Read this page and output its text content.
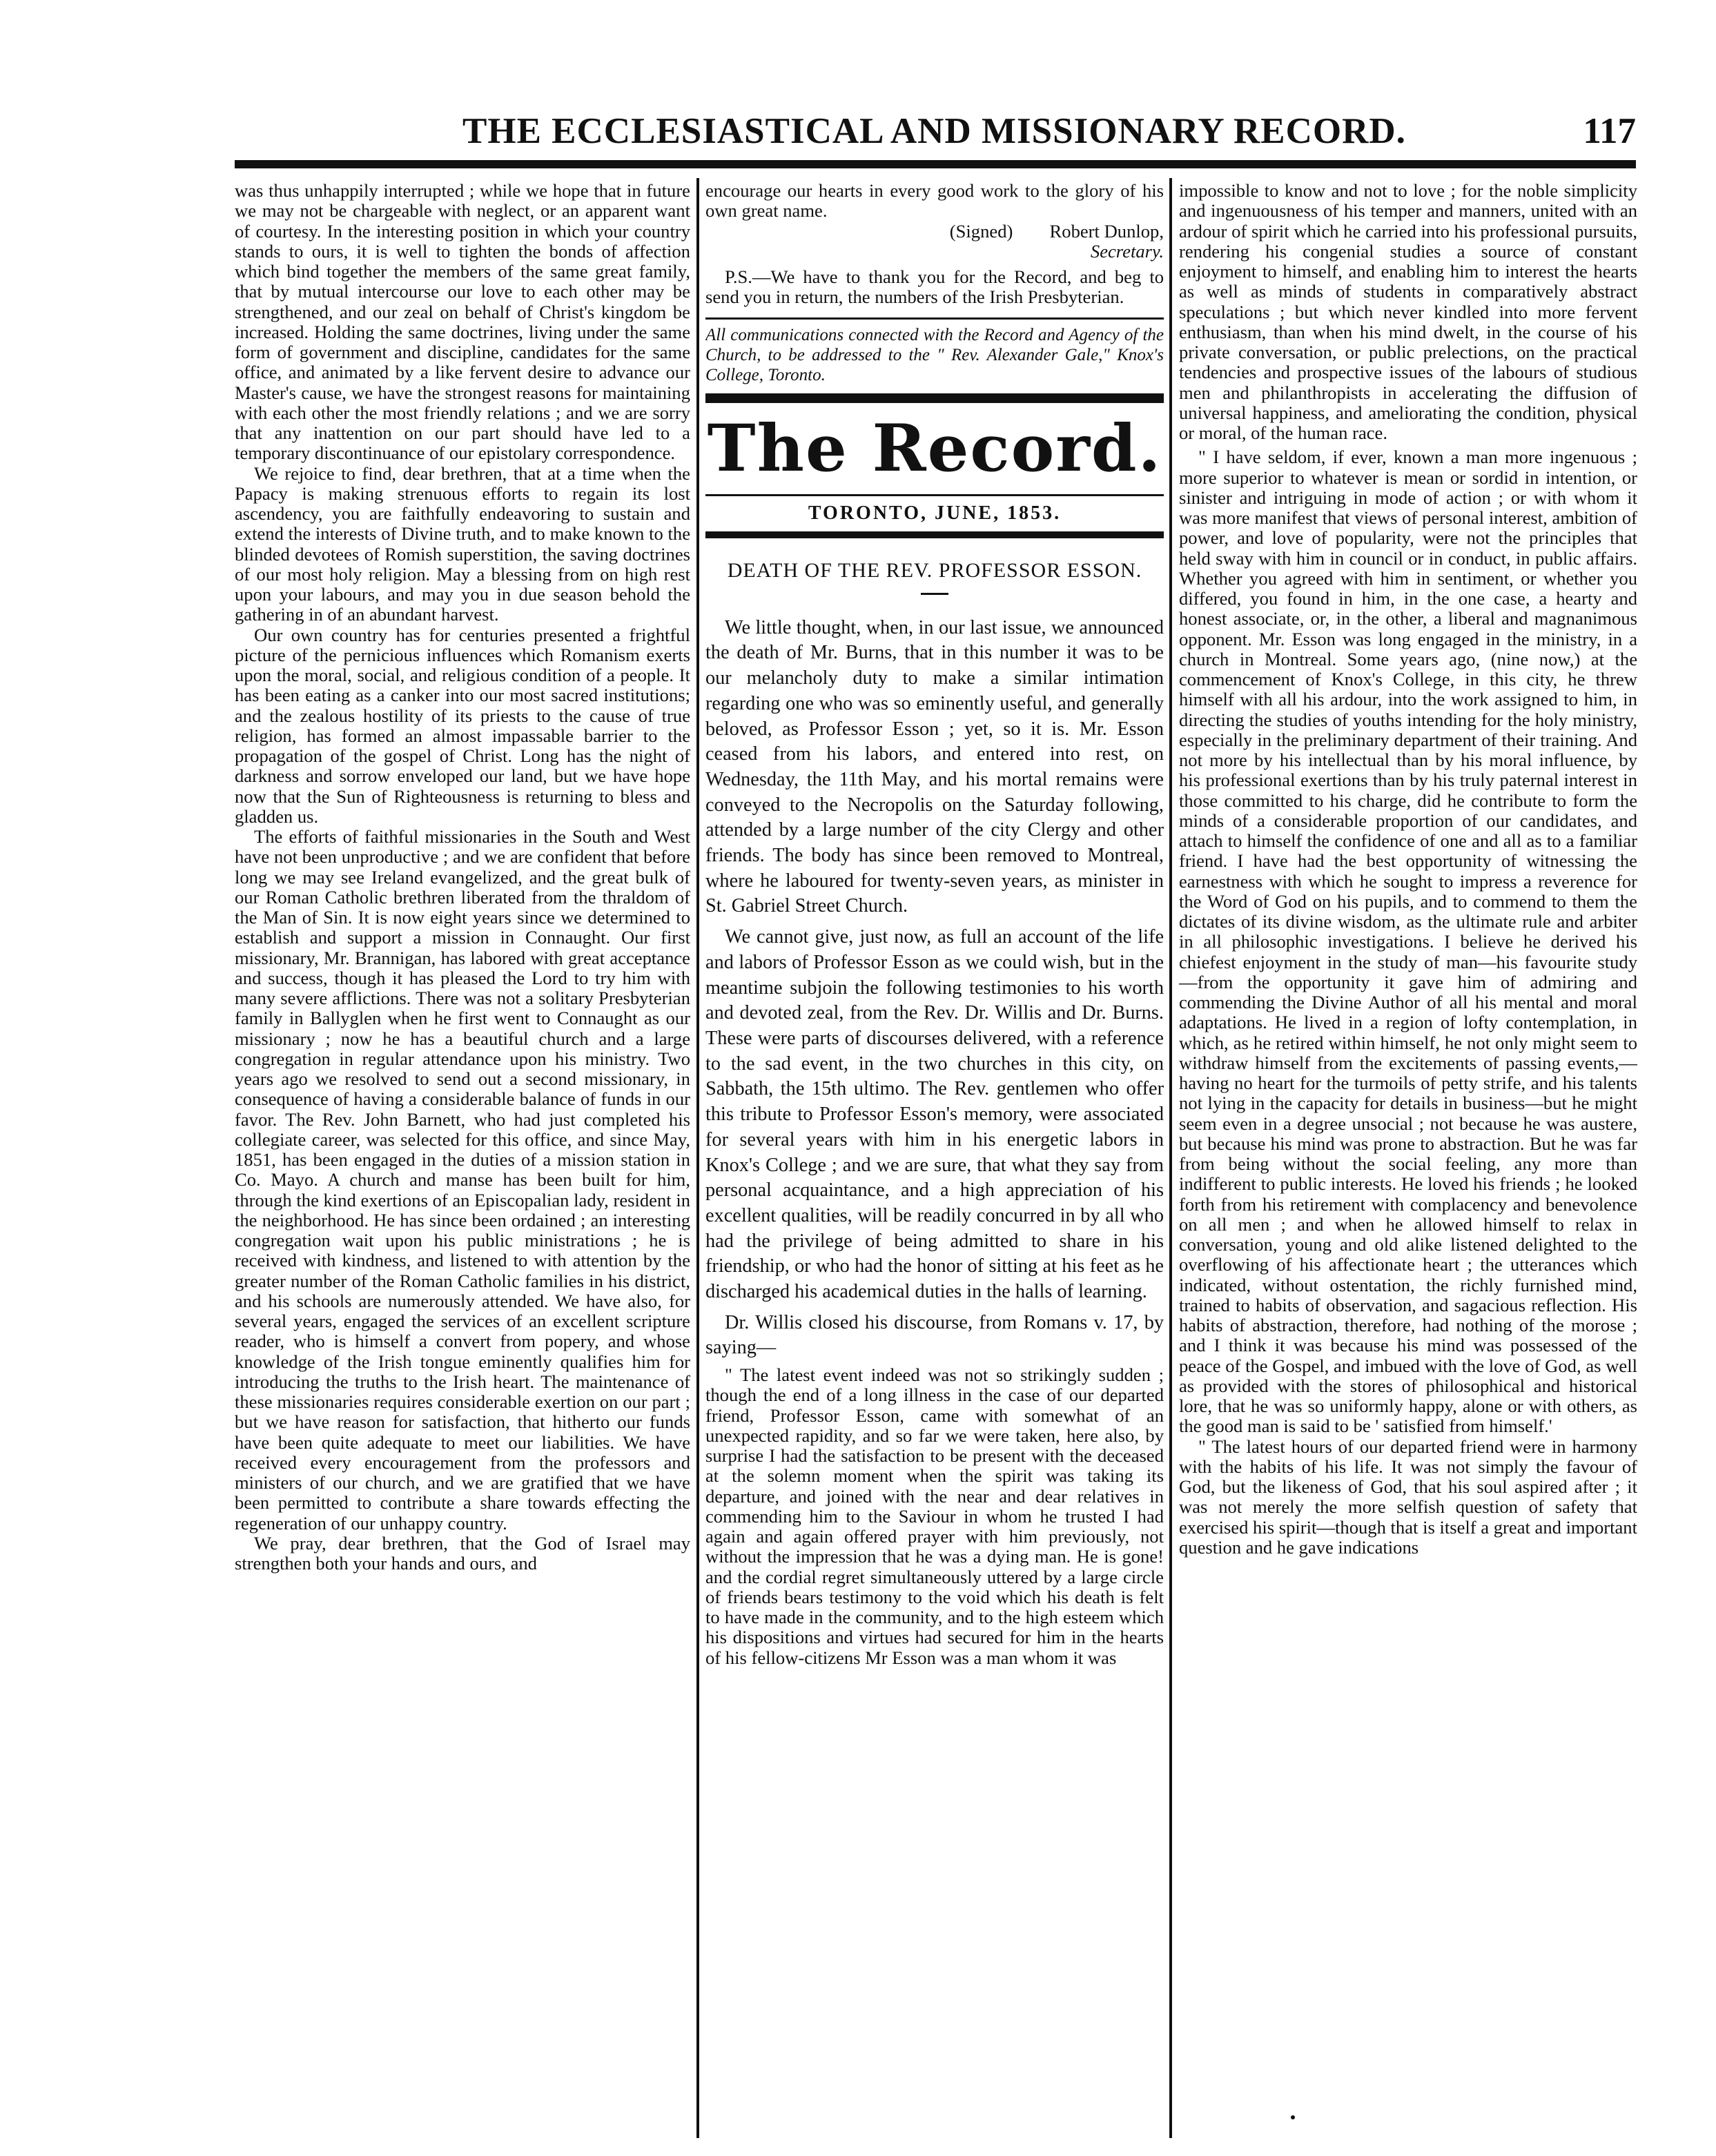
THE ECCLESIASTICAL AND MISSIONARY RECORD.	117

was thus unhappily interrupted ; while we hope that in future we may not be chargeable with neglect, or an apparent want of courtesy. In the interesting position in which your country stands to ours, it is well to tighten the bonds of affection which bind together the members of the same great family, that by mutual intercourse our love to each other may be strengthened, and our zeal on behalf of Christ's kingdom be increased. Holding the same doctrines, living under the same form of government and discipline, candidates for the same office, and animated by a like fervent desire to advance our Master's cause, we have the strongest reasons for maintaining with each other the most friendly relations ; and we are sorry that any inattention on our part should have led to a temporary discontinuance of our epistolary correspondence.

We rejoice to find, dear brethren, that at a time when the Papacy is making strenuous efforts to regain its lost ascendency, you are faithfully endeavoring to sustain and extend the interests of Divine truth, and to make known to the blinded devotees of Romish superstition, the saving doctrines of our most holy religion. May a blessing from on high rest upon your labours, and may you in due season behold the gathering in of an abundant harvest.

Our own country has for centuries presented a frightful picture of the pernicious influences which Romanism exerts upon the moral, social, and religious condition of a people. It has been eating as a canker into our most sacred institutions; and the zealous hostility of its priests to the cause of true religion, has formed an almost impassable barrier to the propagation of the gospel of Christ. Long has the night of darkness and sorrow enveloped our land, but we have hope now that the Sun of Righteousness is returning to bless and gladden us.

The efforts of faithful missionaries in the South and West have not been unproductive ; and we are confident that before long we may see Ireland evangelized, and the great bulk of our Roman Catholic brethren liberated from the thraldom of the Man of Sin. It is now eight years since we determined to establish and support a mission in Connaught. Our first missionary, Mr. Brannigan, has labored with great acceptance and success, though it has pleased the Lord to try him with many severe afflictions. There was not a solitary Presbyterian family in Ballyglen when he first went to Connaught as our missionary ; now he has a beautiful church and a large congregation in regular attendance upon his ministry. Two years ago we resolved to send out a second missionary, in consequence of having a considerable balance of funds in our favor. The Rev. John Barnett, who had just completed his collegiate career, was selected for this office, and since May, 1851, has been engaged in the duties of a mission station in Co. Mayo. A church and manse has been built for him, through the kind exertions of an Episcopalian lady, resident in the neighborhood. He has since been ordained ; an interesting congregation wait upon his public ministrations ; he is received with kindness, and listened to with attention by the greater number of the Roman Catholic families in his district, and his schools are numerously attended. We have also, for several years, engaged the services of an excellent scripture reader, who is himself a convert from popery, and whose knowledge of the Irish tongue eminently qualifies him for introducing the truths to the Irish heart. The maintenance of these missionaries requires considerable exertion on our part ; but we have reason for satisfaction, that hitherto our funds have been quite adequate to meet our liabilities. We have received every encouragement from the professors and ministers of our church, and we are gratified that we have been permitted to contribute a share towards effecting the regeneration of our unhappy country.

We pray, dear brethren, that the God of Israel may strengthen both your hands and ours, and

encourage our hearts in every good work to the glory of his own great name.

(Signed)        Robert Dunlop,

Secretary.

P.S.—We have to thank you for the Record, and beg to send you in return, the numbers of the Irish Presbyterian.

All communications connected with the Record and Agency of the Church, to be addressed to the " Rev. Alexander Gale," Knox's College, Toronto.

The Record.
TORONTO, JUNE, 1853.
DEATH OF THE REV. PROFESSOR ESSON.

We little thought, when, in our last issue, we announced the death of Mr. Burns, that in this number it was to be our melancholy duty to make a similar intimation regarding one who was so eminently useful, and generally beloved, as Professor Esson ; yet, so it is. Mr. Esson ceased from his labors, and entered into rest, on Wednesday, the 11th May, and his mortal remains were conveyed to the Necropolis on the Saturday following, attended by a large number of the city Clergy and other friends. The body has since been removed to Montreal, where he laboured for twenty-seven years, as minister in St. Gabriel Street Church.

We cannot give, just now, as full an account of the life and labors of Professor Esson as we could wish, but in the meantime subjoin the following testimonies to his worth and devoted zeal, from the Rev. Dr. Willis and Dr. Burns. These were parts of discourses delivered, with a reference to the sad event, in the two churches in this city, on Sabbath, the 15th ultimo. The Rev. gentlemen who offer this tribute to Professor Esson's memory, were associated for several years with him in his energetic labors in Knox's College ; and we are sure, that what they say from personal acquaintance, and a high appreciation of his excellent qualities, will be readily concurred in by all who had the privilege of being admitted to share in his friendship, or who had the honor of sitting at his feet as he discharged his academical duties in the halls of learning.

Dr. Willis closed his discourse, from Romans v. 17, by saying—

" The latest event indeed was not so strikingly sudden ; though the end of a long illness in the case of our departed friend, Professor Esson, came with somewhat of an unexpected rapidity, and so far we were taken, here also, by surprise I had the satisfaction to be present with the deceased at the solemn moment when the spirit was taking its departure, and joined with the near and dear relatives in commending him to the Saviour in whom he trusted I had again and again offered prayer with him previously, not without the impression that he was a dying man. He is gone! and the cordial regret simultaneously uttered by a large circle of friends bears testimony to the void which his death is felt to have made in the community, and to the high esteem which his dispositions and virtues had secured for him in the hearts of his fellow-citizens Mr Esson was a man whom it was

impossible to know and not to love ; for the noble simplicity and ingenuousness of his temper and manners, united with an ardour of spirit which he carried into his professional pursuits, rendering his congenial studies a source of constant enjoyment to himself, and enabling him to interest the hearts as well as minds of students in comparatively abstract speculations ; but which never kindled into more fervent enthusiasm, than when his mind dwelt, in the course of his private conversation, or public prelections, on the practical tendencies and prospective issues of the labours of studious men and philanthropists in accelerating the diffusion of universal happiness, and ameliorating the condition, physical or moral, of the human race.

" I have seldom, if ever, known a man more ingenuous ; more superior to whatever is mean or sordid in intention, or sinister and intriguing in mode of action ; or with whom it was more manifest that views of personal interest, ambition of power, and love of popularity, were not the principles that held sway with him in council or in conduct, in public affairs. Whether you agreed with him in sentiment, or whether you differed, you found in him, in the one case, a hearty and honest associate, or, in the other, a liberal and magnanimous opponent. Mr. Esson was long engaged in the ministry, in a church in Montreal. Some years ago, (nine now,) at the commencement of Knox's College, in this city, he threw himself with all his ardour, into the work assigned to him, in directing the studies of youths intending for the holy ministry, especially in the preliminary department of their training. And not more by his intellectual than by his moral influence, by his professional exertions than by his truly paternal interest in those committed to his charge, did he contribute to form the minds of a considerable proportion of our candidates, and attach to himself the confidence of one and all as to a familiar friend. I have had the best opportunity of witnessing the earnestness with which he sought to impress a reverence for the Word of God on his pupils, and to commend to them the dictates of its divine wisdom, as the ultimate rule and arbiter in all philosophic investigations. I believe he derived his chiefest enjoyment in the study of man—his favourite study—from the opportunity it gave him of admiring and commending the Divine Author of all his mental and moral adaptations. He lived in a region of lofty contemplation, in which, as he retired within himself, he not only might seem to withdraw himself from the excitements of passing events,—having no heart for the turmoils of petty strife, and his talents not lying in the capacity for details in business—but he might seem even in a degree unsocial ; not because he was austere, but because his mind was prone to abstraction. But he was far from being without the social feeling, any more than indifferent to public interests. He loved his friends ; he looked forth from his retirement with complacency and benevolence on all men ; and when he allowed himself to relax in conversation, young and old alike listened delighted to the overflowing of his affectionate heart ; the utterances which indicated, without ostentation, the richly furnished mind, trained to habits of observation, and sagacious reflection. His habits of abstraction, therefore, had nothing of the morose ; and I think it was because his mind was possessed of the peace of the Gospel, and imbued with the love of God, as well as provided with the stores of philosophical and historical lore, that he was so uniformly happy, alone or with others, as the good man is said to be ' satisfied from himself.'

" The latest hours of our departed friend were in harmony with the habits of his life. It was not simply the favour of God, but the likeness of God, that his soul aspired after ; it was not merely the more selfish question of safety that exercised his spirit—though that is itself a great and important question and he gave indications
